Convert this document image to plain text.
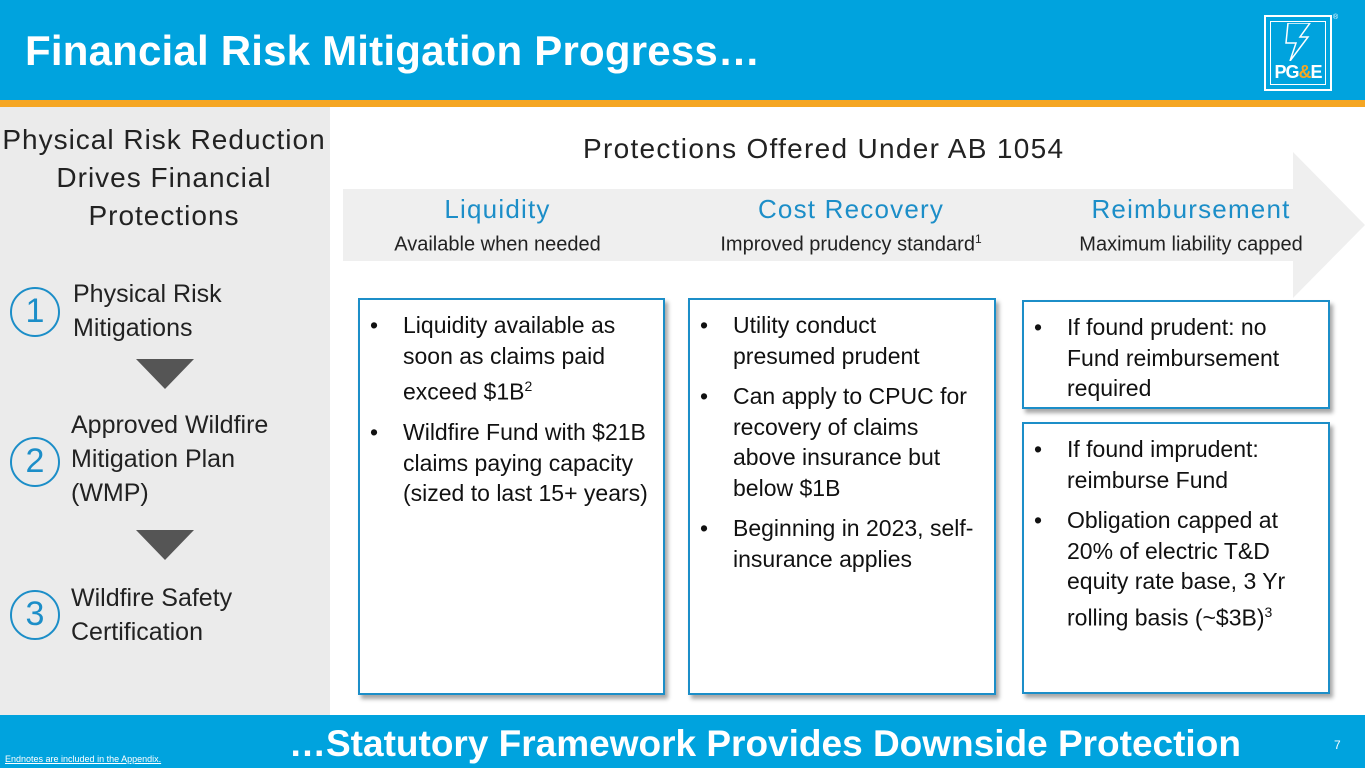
Financial Risk Mitigation Progress…	PG&E
®
Physical Risk Reduction Drives Financial Protections
1	Physical Risk Mitigations
2
Approved Wildfire Mitigation Plan (WMP)
3	Wildfire Safety Certification
Protections Offered Under AB 1054
Liquidity
Available when needed
Cost Recovery
Improved prudency standard$^1$
Reimbursement
Maximum liability capped
• Liquidity available as soon as claims paid exceed $\$1B^2$
• Wildfire Fund with $21B claims paying capacity (sized to last 15+ years)
• Utility conduct presumed prudent
• Can apply to CPUC for recovery of claims above insurance but below $1B
• Beginning in 2023, self-insurance applies
• If found prudent: no Fund reimbursement required
• If found imprudent: reimburse Fund
• Obligation capped at 20% of electric T&D equity rate base, 3 Yr rolling basis (~$3B)$^3$
…Statutory Framework Provides Downside Protection
Endnotes are included in the Appendix.
7
